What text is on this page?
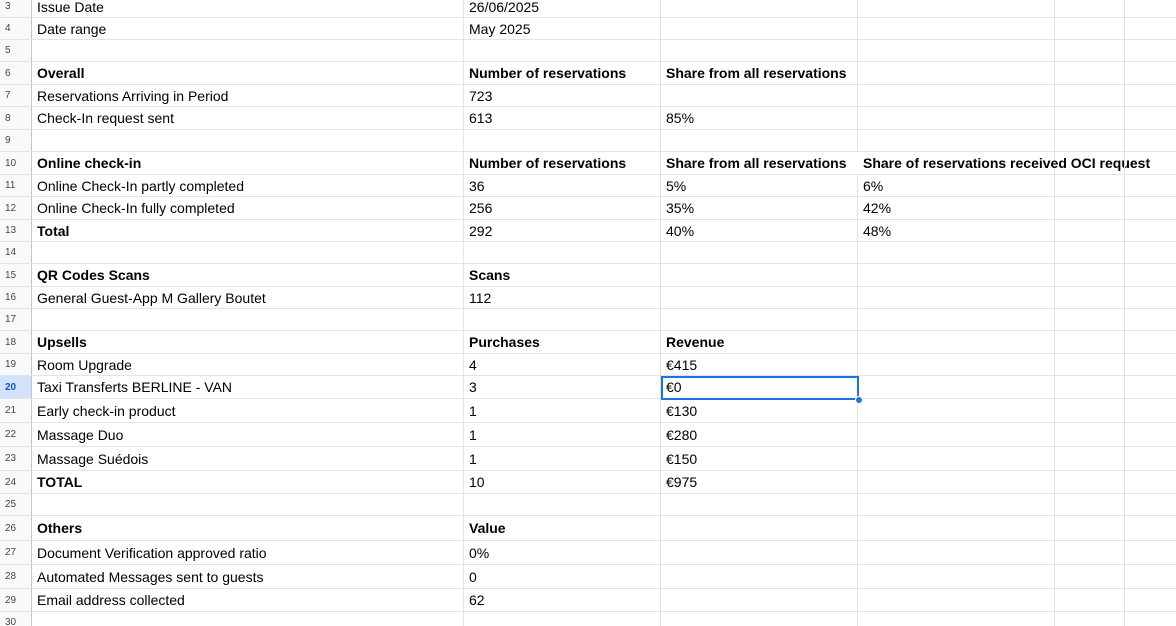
3	Issue Date	26/06/2025
4	Date range	May 2025
5
6	Overall	Number of reservations	Share from all reservations
7	Reservations Arriving in Period	723
8	Check-In request sent	613	85%
9
10	Online check-in	Number of reservations	Share from all reservations	Share of reservations received OCI request
11	Online Check-In partly completed	36	5%	6%
12	Online Check-In fully completed	256	35%	42%
13	Total	292	40%	48%
14
15	QR Codes Scans	Scans
16	General Guest-App M Gallery Boutet	112
17
18	Upsells	Purchases	Revenue
19	Room Upgrade	4	€415
20	Taxi Transferts BERLINE - VAN	3	€0
21	Early check-in product	1	€130
22	Massage Duo	1	€280
23	Massage Suédois	1	€150
24	TOTAL	10	€975
25
26	Others	Value
27	Document Verification approved ratio	0%
28	Automated Messages sent to guests	0
29	Email address collected	62
30
